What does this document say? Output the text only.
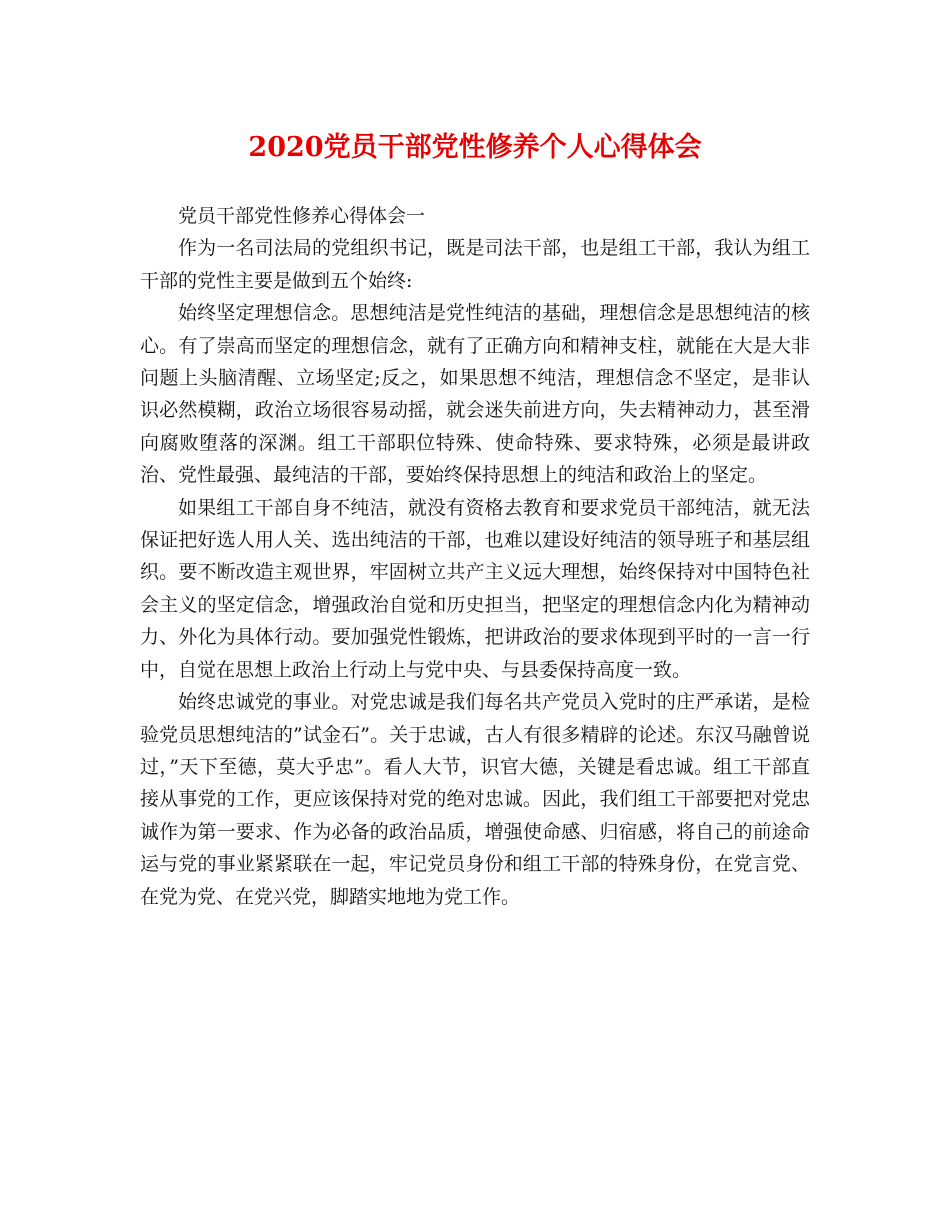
2020党员干部党性修养个人心得体会

党员干部党性修养心得体会一

作为一名司法局的党组织书记，既是司法干部，也是组工干部，我认为组工干部的党性主要是做到五个始终:

始终坚定理想信念。思想纯洁是党性纯洁的基础，理想信念是思想纯洁的核心。有了崇高而坚定的理想信念，就有了正确方向和精神支柱，就能在大是大非问题上头脑清醒、立场坚定;反之，如果思想不纯洁，理想信念不坚定，是非认识必然模糊，政治立场很容易动摇，就会迷失前进方向，失去精神动力，甚至滑向腐败堕落的深渊。组工干部职位特殊、使命特殊、要求特殊，必须是最讲政治、党性最强、最纯洁的干部，要始终保持思想上的纯洁和政治上的坚定。

如果组工干部自身不纯洁，就没有资格去教育和要求党员干部纯洁，就无法保证把好选人用人关、选出纯洁的干部，也难以建设好纯洁的领导班子和基层组织。要不断改造主观世界，牢固树立共产主义远大理想，始终保持对中国特色社会主义的坚定信念，增强政治自觉和历史担当，把坚定的理想信念内化为精神动力、外化为具体行动。要加强党性锻炼，把讲政治的要求体现到平时的一言一行中，自觉在思想上政治上行动上与党中央、与县委保持高度一致。

始终忠诚党的事业。对党忠诚是我们每名共产党员入党时的庄严承诺，是检验党员思想纯洁的”试金石”。关于忠诚，古人有很多精辟的论述。东汉马融曾说过，”天下至德，莫大乎忠”。看人大节，识官大德，关键是看忠诚。组工干部直接从事党的工作，更应该保持对党的绝对忠诚。因此，我们组工干部要把对党忠诚作为第一要求、作为必备的政治品质，增强使命感、归宿感，将自己的前途命运与党的事业紧紧联在一起，牢记党员身份和组工干部的特殊身份，在党言党、在党为党、在党兴党，脚踏实地地为党工作。
